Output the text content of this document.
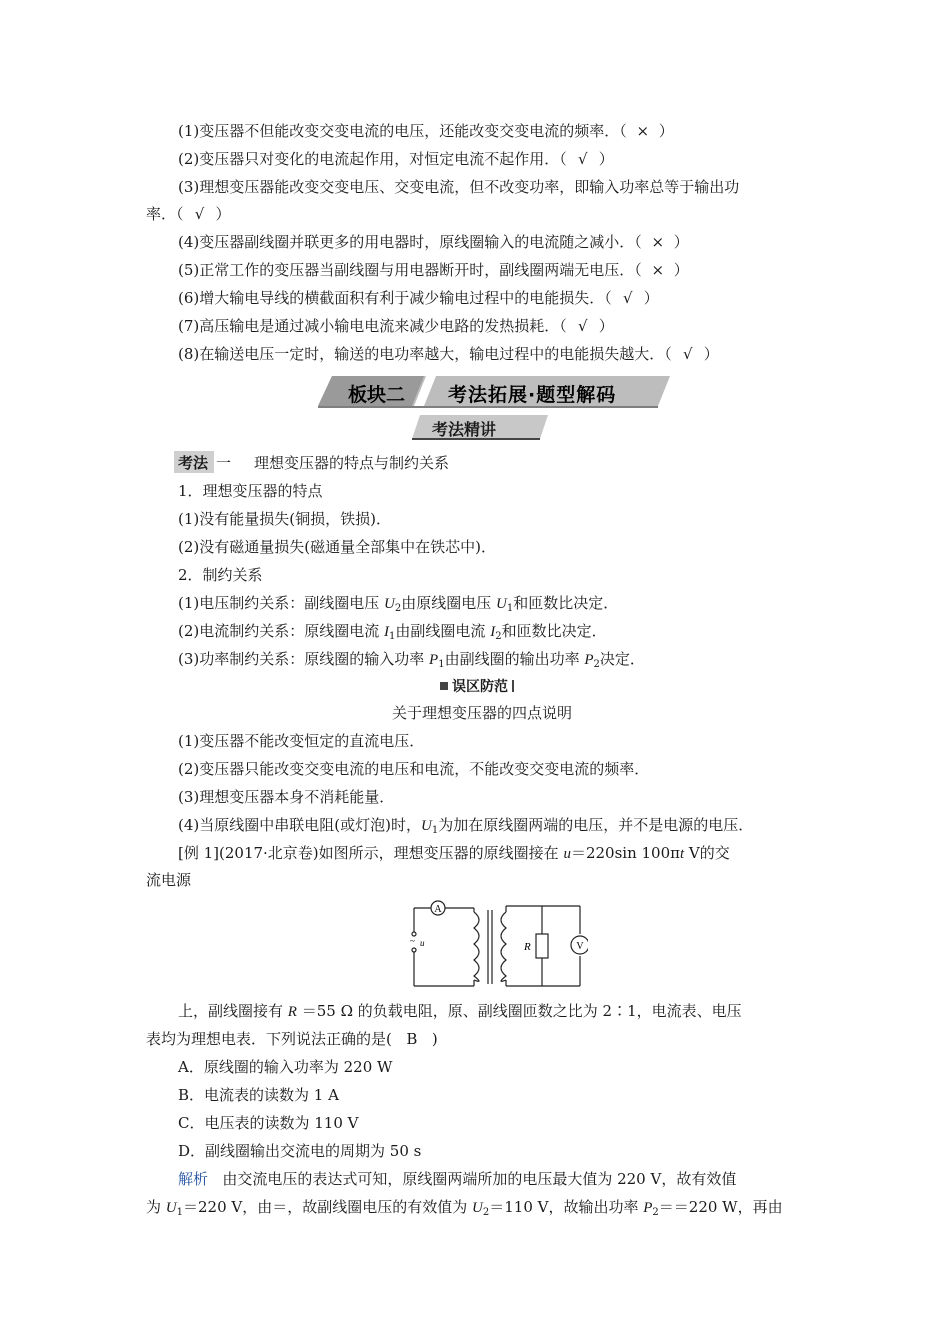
(1)变压器不但能改变交变电流的电压，还能改变交变电流的频率．（ × ）
(2)变压器只对变化的电流起作用，对恒定电流不起作用．（ √ ）
(3)理想变压器能改变交变电压、交变电流，但不改变功率，即输入功率总等于输出功
率．（ √ ）
(4)变压器副线圈并联更多的用电器时，原线圈输入的电流随之减小．（ × ）
(5)正常工作的变压器当副线圈与用电器断开时，副线圈两端无电压．（ × ）
(6)增大输电导线的横截面积有利于减少输电过程中的电能损失．（ √ ）
(7)高压输电是通过减小输电电流来减少电路的发热损耗．（ √ ）
(8)在输送电压一定时，输送的电功率越大，输电过程中的电能损失越大．（ √ ）
板块二 考法拓展·题型解码
考法精讲
考法 一 理想变压器的特点与制约关系
1．理想变压器的特点
(1)没有能量损失(铜损，铁损)．
(2)没有磁通量损失(磁通量全部集中在铁芯中)．
2．制约关系
(1)电压制约关系：副线圈电压 $U_2$由原线圈电压 $U_1$和匝数比决定．
(2)电流制约关系：原线圈电流 $I_1$由副线圈电流 $I_2$和匝数比决定．
(3)功率制约关系：原线圈的输入功率 $P_1$由副线圈的输出功率 $P_2$决定．
误区防范
关于理想变压器的四点说明
(1)变压器不能改变恒定的直流电压．
(2)变压器只能改变交变电流的电压和电流，不能改变交变电流的频率．
(3)理想变压器本身不消耗能量．
(4)当原线圈中串联电阻(或灯泡)时，$U_1$为加在原线圈两端的电压，并不是电源的电压．
[例 1](2017·北京卷)如图所示，理想变压器的原线圈接在 u＝220sin 100πt V的交
流电源
A
V
R
u
~
上，副线圈接有 R ＝55 Ω 的负载电阻，原、副线圈匝数之比为 2∶1，电流表、电压
表均为理想电表．下列说法正确的是( B )
A．原线圈的输入功率为 220 W
B．电流表的读数为 1 A
C．电压表的读数为 110 V
D．副线圈输出交流电的周期为 50 s
解析 由交流电压的表达式可知，原线圈两端所加的电压最大值为 220 V，故有效值
为 $U_1=220$ V，由＝，故副线圈电压的有效值为 $U_2=110$ V，故输出功率 $P_2==220$ W，再由
